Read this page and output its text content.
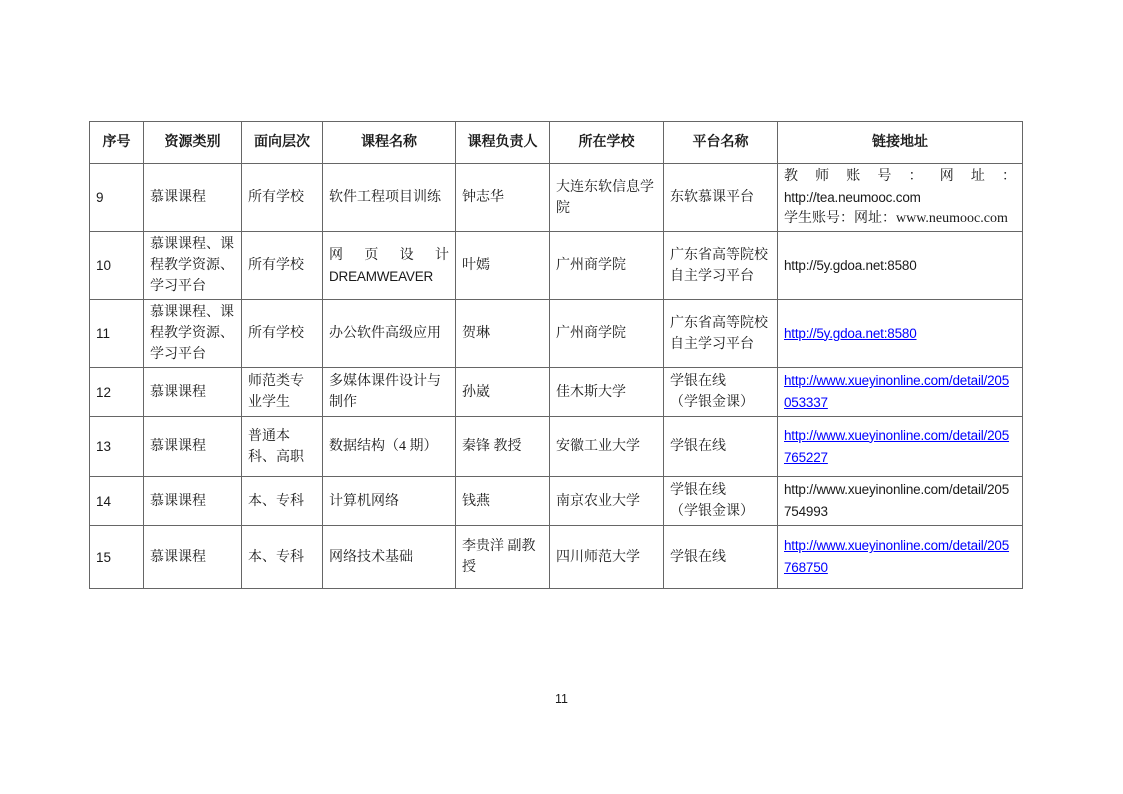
序号	资源类别	面向层次	课程名称	课程负责人	所在学校	平台名称	链接地址
9	慕课课程	所有学校	软件工程项目训练	钟志华	大连东软信息学院	东软慕课平台	教 师 账 号 ： 网 址 ：
http://tea.neumooc.com
学生账号：网址：www.neumooc.com

10	慕课课程、课程教学资源、学习平台	所有学校	网 页 设 计
DREAMWEAVER	叶嫣	广州商学院	广东省高等院校自主学习平台	http://5y.gdoa.net:8580
11	慕课课程、课程教学资源、学习平台	所有学校	办公软件高级应用	贺琳	广州商学院	广东省高等院校自主学习平台	http://5y.gdoa.net:8580
12	慕课课程	师范类专业学生	多媒体课件设计与制作	孙崴	佳木斯大学	学银在线
（学银金课）	http://www.xueyinonline.com/detail/205053337
13	慕课课程	普通本科、高职	数据结构（4 期）	秦锋 教授	安徽工业大学	学银在线	http://www.xueyinonline.com/detail/205765227
14	慕课课程	本、专科	计算机网络	钱燕	南京农业大学	学银在线
（学银金课）	http://www.xueyinonline.com/detail/205754993
15	慕课课程	本、专科	网络技术基础	李贵洋 副教授	四川师范大学	学银在线	http://www.xueyinonline.com/detail/205768750
11
